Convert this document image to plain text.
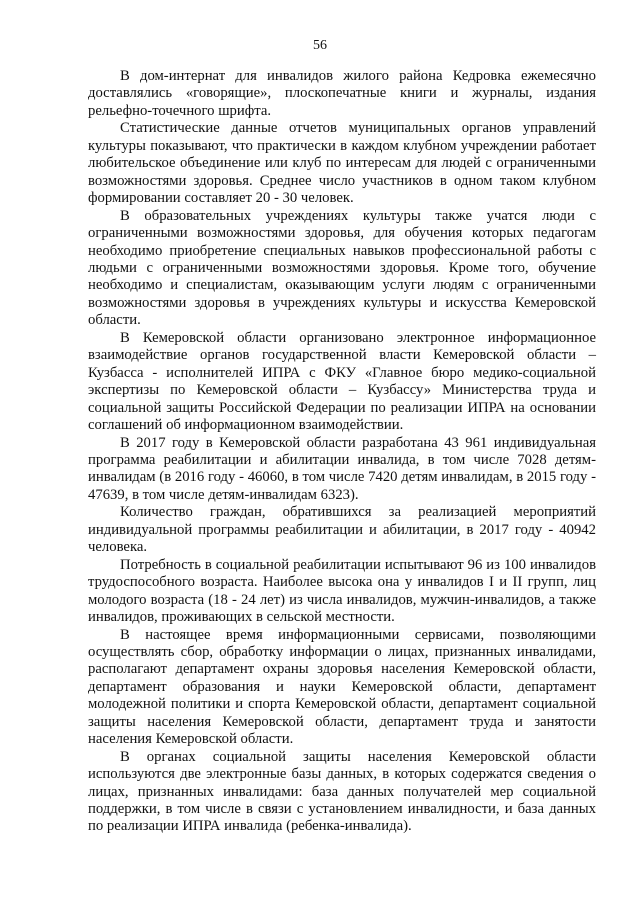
56

В дом-интернат для инвалидов жилого района Кедровка ежемесячно доставлялись «говорящие», плоскопечатные книги и журналы, издания рельефно-точечного шрифта.

Статистические данные отчетов муниципальных органов управлений культуры показывают, что практически в каждом клубном учреждении работает любительское объединение или клуб по интересам для людей с ограниченными возможностями здоровья. Среднее число участников в одном таком клубном формировании составляет 20 - 30 человек.

В образовательных учреждениях культуры также учатся люди с ограниченными возможностями здоровья, для обучения которых педагогам необходимо приобретение специальных навыков профессиональной работы с людьми с ограниченными возможностями здоровья. Кроме того, обучение необходимо и специалистам, оказывающим услуги людям с ограниченными возможностями здоровья в учреждениях культуры и искусства Кемеровской области.

В Кемеровской области организовано электронное информационное взаимодействие органов государственной власти Кемеровской области – Кузбасса - исполнителей ИПРА с ФКУ «Главное бюро медико-социальной экспертизы по Кемеровской области – Кузбассу» Министерства труда и социальной защиты Российской Федерации по реализации ИПРА на основании соглашений об информационном взаимодействии.

В 2017 году в Кемеровской области разработана 43 961 индивидуальная программа реабилитации и абилитации инвалида, в том числе 7028 детям-инвалидам (в 2016 году - 46060, в том числе 7420 детям инвалидам, в 2015 году - 47639, в том числе детям-инвалидам 6323).

Количество граждан, обратившихся за реализацией мероприятий индивидуальной программы реабилитации и абилитации, в 2017 году - 40942 человека.

Потребность в социальной реабилитации испытывают 96 из 100 инвалидов трудоспособного возраста. Наиболее высока она у инвалидов I и II групп, лиц молодого возраста (18 - 24 лет) из числа инвалидов, мужчин-инвалидов, а также инвалидов, проживающих в сельской местности.

В настоящее время информационными сервисами, позволяющими осуществлять сбор, обработку информации о лицах, признанных инвалидами, располагают департамент охраны здоровья населения Кемеровской области, департамент образования и науки Кемеровской области, департамент молодежной политики и спорта Кемеровской области, департамент социальной защиты населения Кемеровской области, департамент труда и занятости населения Кемеровской области.

В органах социальной защиты населения Кемеровской области используются две электронные базы данных, в которых содержатся сведения о лицах, признанных инвалидами: база данных получателей мер социальной поддержки, в том числе в связи с установлением инвалидности, и база данных по реализации ИПРА инвалида (ребенка-инвалида).
